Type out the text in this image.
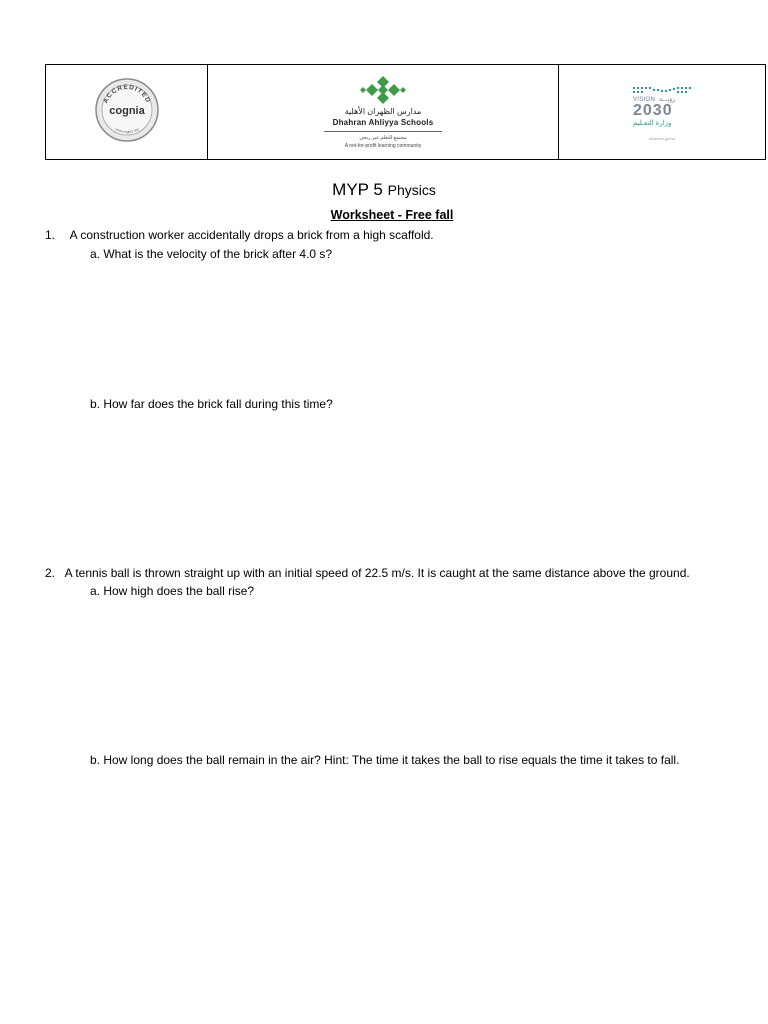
ACCREDITED
cognia
www.cognia.org

مدارس الظهران الأهلية
Dhahran Ahliyya Schools
مجتمع للتعلم غير ربحي
A not-for-profit learning community

VISION رؤيـــة
2030
وزارة التعـليم
www.moe.gov.sa
MYP 5 Physics
Worksheet - Free fall
1. A construction worker accidentally drops a brick from a high scaffold.
a. What is the velocity of the brick after 4.0 s?
b. How far does the brick fall during this time?
2. A tennis ball is thrown straight up with an initial speed of 22.5 m/s. It is caught at the same distance above the ground.
a. How high does the ball rise?
b. How long does the ball remain in the air? Hint: The time it takes the ball to rise equals the time it takes to fall.
